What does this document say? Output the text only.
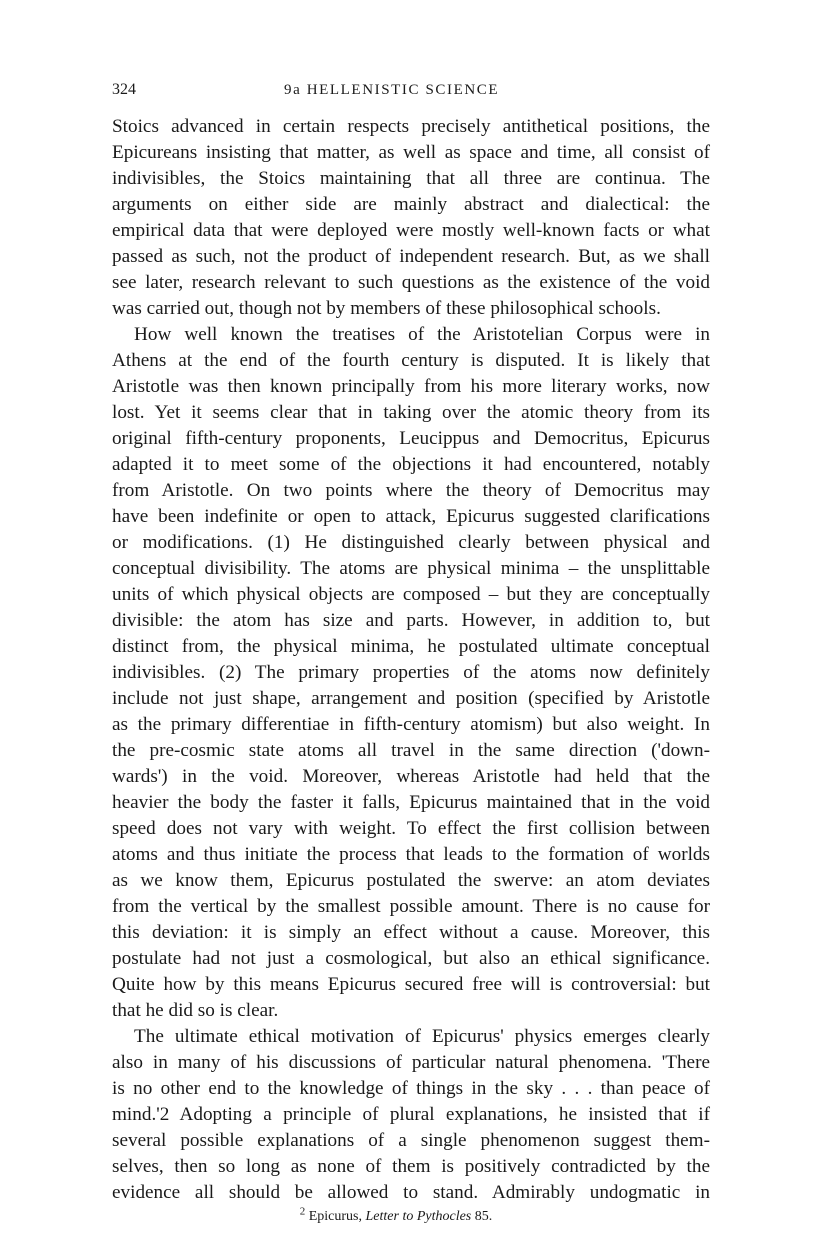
324	9a HELLENISTIC SCIENCE
Stoics advanced in certain respects precisely antithetical positions, the
Epicureans insisting that matter, as well as space and time, all consist of
indivisibles, the Stoics maintaining that all three are continua. The
arguments on either side are mainly abstract and dialectical: the
empirical data that were deployed were mostly well-known facts or what
passed as such, not the product of independent research. But, as we shall
see later, research relevant to such questions as the existence of the void
was carried out, though not by members of these philosophical schools.
How well known the treatises of the Aristotelian Corpus were in
Athens at the end of the fourth century is disputed. It is likely that
Aristotle was then known principally from his more literary works, now
lost. Yet it seems clear that in taking over the atomic theory from its
original fifth-century proponents, Leucippus and Democritus, Epicurus
adapted it to meet some of the objections it had encountered, notably
from Aristotle. On two points where the theory of Democritus may
have been indefinite or open to attack, Epicurus suggested clarifications
or modifications. (1) He distinguished clearly between physical and
conceptual divisibility. The atoms are physical minima – the unsplittable
units of which physical objects are composed – but they are conceptually
divisible: the atom has size and parts. However, in addition to, but
distinct from, the physical minima, he postulated ultimate conceptual
indivisibles. (2) The primary properties of the atoms now definitely
include not just shape, arrangement and position (specified by Aristotle
as the primary differentiae in fifth-century atomism) but also weight. In
the pre-cosmic state atoms all travel in the same direction ('down-
wards') in the void. Moreover, whereas Aristotle had held that the
heavier the body the faster it falls, Epicurus maintained that in the void
speed does not vary with weight. To effect the first collision between
atoms and thus initiate the process that leads to the formation of worlds
as we know them, Epicurus postulated the swerve: an atom deviates
from the vertical by the smallest possible amount. There is no cause for
this deviation: it is simply an effect without a cause. Moreover, this
postulate had not just a cosmological, but also an ethical significance.
Quite how by this means Epicurus secured free will is controversial: but
that he did so is clear.
The ultimate ethical motivation of Epicurus' physics emerges clearly
also in many of his discussions of particular natural phenomena. 'There
is no other end to the knowledge of things in the sky . . . than peace of
mind.'2 Adopting a principle of plural explanations, he insisted that if
several possible explanations of a single phenomenon suggest them-
selves, then so long as none of them is positively contradicted by the
evidence all should be allowed to stand. Admirably undogmatic in
$^2$ Epicurus, Letter to Pythocles 85.
